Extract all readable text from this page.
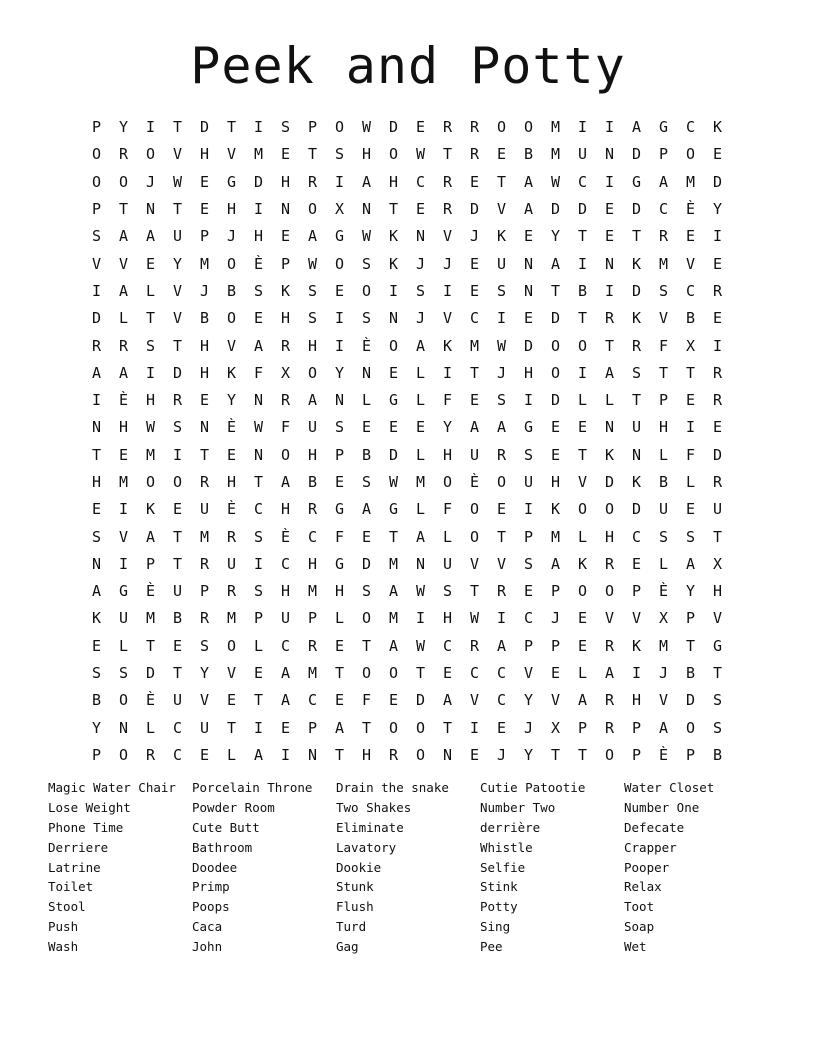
Peek and Potty
P	Y	I	T	D	T	I	S	P	O	W	D	E	R	R	O	O	M	I	I	A	G	C	K
O	R	O	V	H	V	M	E	T	S	H	O	W	T	R	E	B	M	U	N	D	P	O	E
O	O	J	W	E	G	D	H	R	I	A	H	C	R	E	T	A	W	C	I	G	A	M	D
P	T	N	T	E	H	I	N	O	X	N	T	E	R	D	V	A	D	D	E	D	C	È	Y
S	A	A	U	P	J	H	E	A	G	W	K	N	V	J	K	E	Y	T	E	T	R	E	I
V	V	E	Y	M	O	È	P	W	O	S	K	J	J	E	U	N	A	I	N	K	M	V	E
I	A	L	V	J	B	S	K	S	E	O	I	S	I	E	S	N	T	B	I	D	S	C	R
D	L	T	V	B	O	E	H	S	I	S	N	J	V	C	I	E	D	T	R	K	V	B	E
R	R	S	T	H	V	A	R	H	I	È	O	A	K	M	W	D	O	O	T	R	F	X	I
A	A	I	D	H	K	F	X	O	Y	N	E	L	I	T	J	H	O	I	A	S	T	T	R
I	È	H	R	E	Y	N	R	A	N	L	G	L	F	E	S	I	D	L	L	T	P	E	R
N	H	W	S	N	È	W	F	U	S	E	E	E	Y	A	A	G	E	E	N	U	H	I	E
T	E	M	I	T	E	N	O	H	P	B	D	L	H	U	R	S	E	T	K	N	L	F	D
H	M	O	O	R	H	T	A	B	E	S	W	M	O	È	O	U	H	V	D	K	B	L	R
E	I	K	E	U	È	C	H	R	G	A	G	L	F	O	E	I	K	O	O	D	U	E	U
S	V	A	T	M	R	S	È	C	F	E	T	A	L	O	T	P	M	L	H	C	S	S	T
N	I	P	T	R	U	I	C	H	G	D	M	N	U	V	V	S	A	K	R	E	L	A	X
A	G	È	U	P	R	S	H	M	H	S	A	W	S	T	R	E	P	O	O	P	È	Y	H
K	U	M	B	R	M	P	U	P	L	O	M	I	H	W	I	C	J	E	V	V	X	P	V
E	L	T	E	S	O	L	C	R	E	T	A	W	C	R	A	P	P	E	R	K	M	T	G
S	S	D	T	Y	V	E	A	M	T	O	O	T	E	C	C	V	E	L	A	I	J	B	T
B	O	È	U	V	E	T	A	C	E	F	E	D	A	V	C	Y	V	A	R	H	V	D	S
Y	N	L	C	U	T	I	E	P	A	T	O	O	T	I	E	J	X	P	R	P	A	O	S
P	O	R	C	E	L	A	I	N	T	H	R	O	N	E	J	Y	T	T	O	P	È	P	B
Magic Water Chair	Porcelain Throne	Drain the snake	Cutie Patootie	Water Closet
Lose Weight	Powder Room	Two Shakes	Number Two	Number One
Phone Time	Cute Butt	Eliminate	derrière	Defecate
Derriere	Bathroom	Lavatory	Whistle	Crapper
Latrine	Doodee	Dookie	Selfie	Pooper
Toilet	Primp	Stunk	Stink	Relax
Stool	Poops	Flush	Potty	Toot
Push	Caca	Turd	Sing	Soap
Wash	John	Gag	Pee	Wet
